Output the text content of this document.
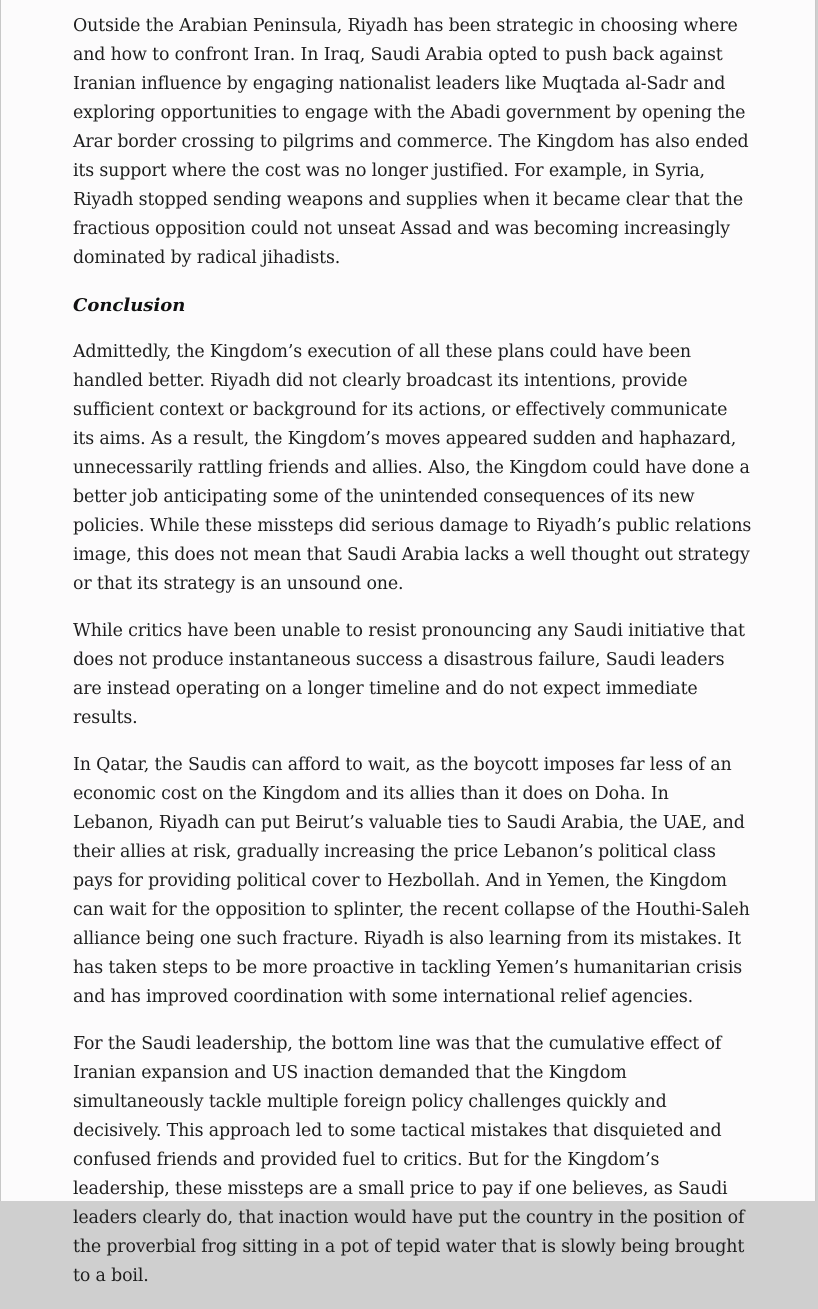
Outside the Arabian Peninsula, Riyadh has been strategic in choosing where and how to confront Iran. In Iraq, Saudi Arabia opted to push back against Iranian influence by engaging nationalist leaders like Muqtada al-Sadr and exploring opportunities to engage with the Abadi government by opening the Arar border crossing to pilgrims and commerce. The Kingdom has also ended its support where the cost was no longer justified. For example, in Syria, Riyadh stopped sending weapons and supplies when it became clear that the fractious opposition could not unseat Assad and was becoming increasingly dominated by radical jihadists.

Conclusion

Admittedly, the Kingdom’s execution of all these plans could have been handled better. Riyadh did not clearly broadcast its intentions, provide sufficient context or background for its actions, or effectively communicate its aims. As a result, the Kingdom’s moves appeared sudden and haphazard, unnecessarily rattling friends and allies. Also, the Kingdom could have done a better job anticipating some of the unintended consequences of its new policies. While these missteps did serious damage to Riyadh’s public relations image, this does not mean that Saudi Arabia lacks a well thought out strategy or that its strategy is an unsound one.

While critics have been unable to resist pronouncing any Saudi initiative that does not produce instantaneous success a disastrous failure, Saudi leaders are instead operating on a longer timeline and do not expect immediate results.

In Qatar, the Saudis can afford to wait, as the boycott imposes far less of an economic cost on the Kingdom and its allies than it does on Doha. In Lebanon, Riyadh can put Beirut’s valuable ties to Saudi Arabia, the UAE, and their allies at risk, gradually increasing the price Lebanon’s political class pays for providing political cover to Hezbollah. And in Yemen, the Kingdom can wait for the opposition to splinter, the recent collapse of the Houthi-Saleh alliance being one such fracture. Riyadh is also learning from its mistakes. It has taken steps to be more proactive in tackling Yemen’s humanitarian crisis and has improved coordination with some international relief agencies.

For the Saudi leadership, the bottom line was that the cumulative effect of Iranian expansion and US inaction demanded that the Kingdom simultaneously tackle multiple foreign policy challenges quickly and decisively. This approach led to some tactical mistakes that disquieted and confused friends and provided fuel to critics. But for the Kingdom’s leadership, these missteps are a small price to pay if one believes, as Saudi leaders clearly do, that inaction would have put the country in the position of the proverbial frog sitting in a pot of tepid water that is slowly being brought to a boil.
